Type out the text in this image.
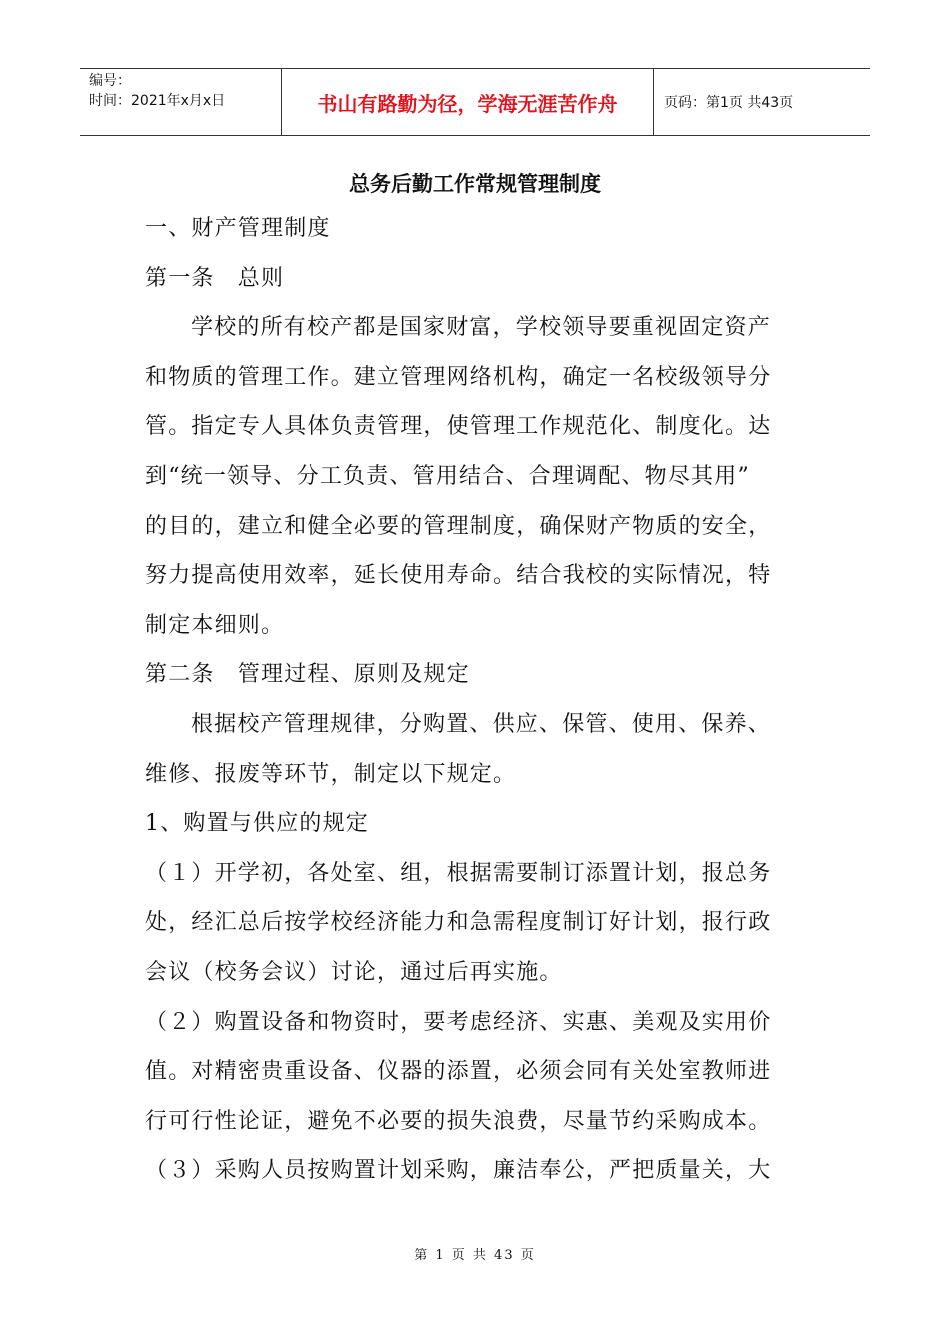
编号：
时间：2021年x月x日	书山有路勤为径，学海无涯苦作舟	页码：第1页 共43页
总务后勤工作常规管理制度
一、财产管理制度
第一条　总则
学校的所有校产都是国家财富，学校领导要重视固定资产
和物质的管理工作。建立管理网络机构，确定一名校级领导分
管。指定专人具体负责管理，使管理工作规范化、制度化。达
到“统一领导、分工负责、管用结合、合理调配、物尽其用”
的目的，建立和健全必要的管理制度，确保财产物质的安全，
努力提高使用效率，延长使用寿命。结合我校的实际情况，特
制定本细则。
第二条　管理过程、原则及规定
根据校产管理规律，分购置、供应、保管、使用、保养、
维修、报废等环节，制定以下规定。
1、购置与供应的规定
（１）开学初，各处室、组，根据需要制订添置计划，报总务
处，经汇总后按学校经济能力和急需程度制订好计划，报行政
会议（校务会议）讨论，通过后再实施。
（２）购置设备和物资时，要考虑经济、实惠、美观及实用价
值。对精密贵重设备、仪器的添置，必须会同有关处室教师进
行可行性论证，避免不必要的损失浪费，尽量节约采购成本。
（３）采购人员按购置计划采购，廉洁奉公，严把质量关，大
第 1 页 共 43 页
